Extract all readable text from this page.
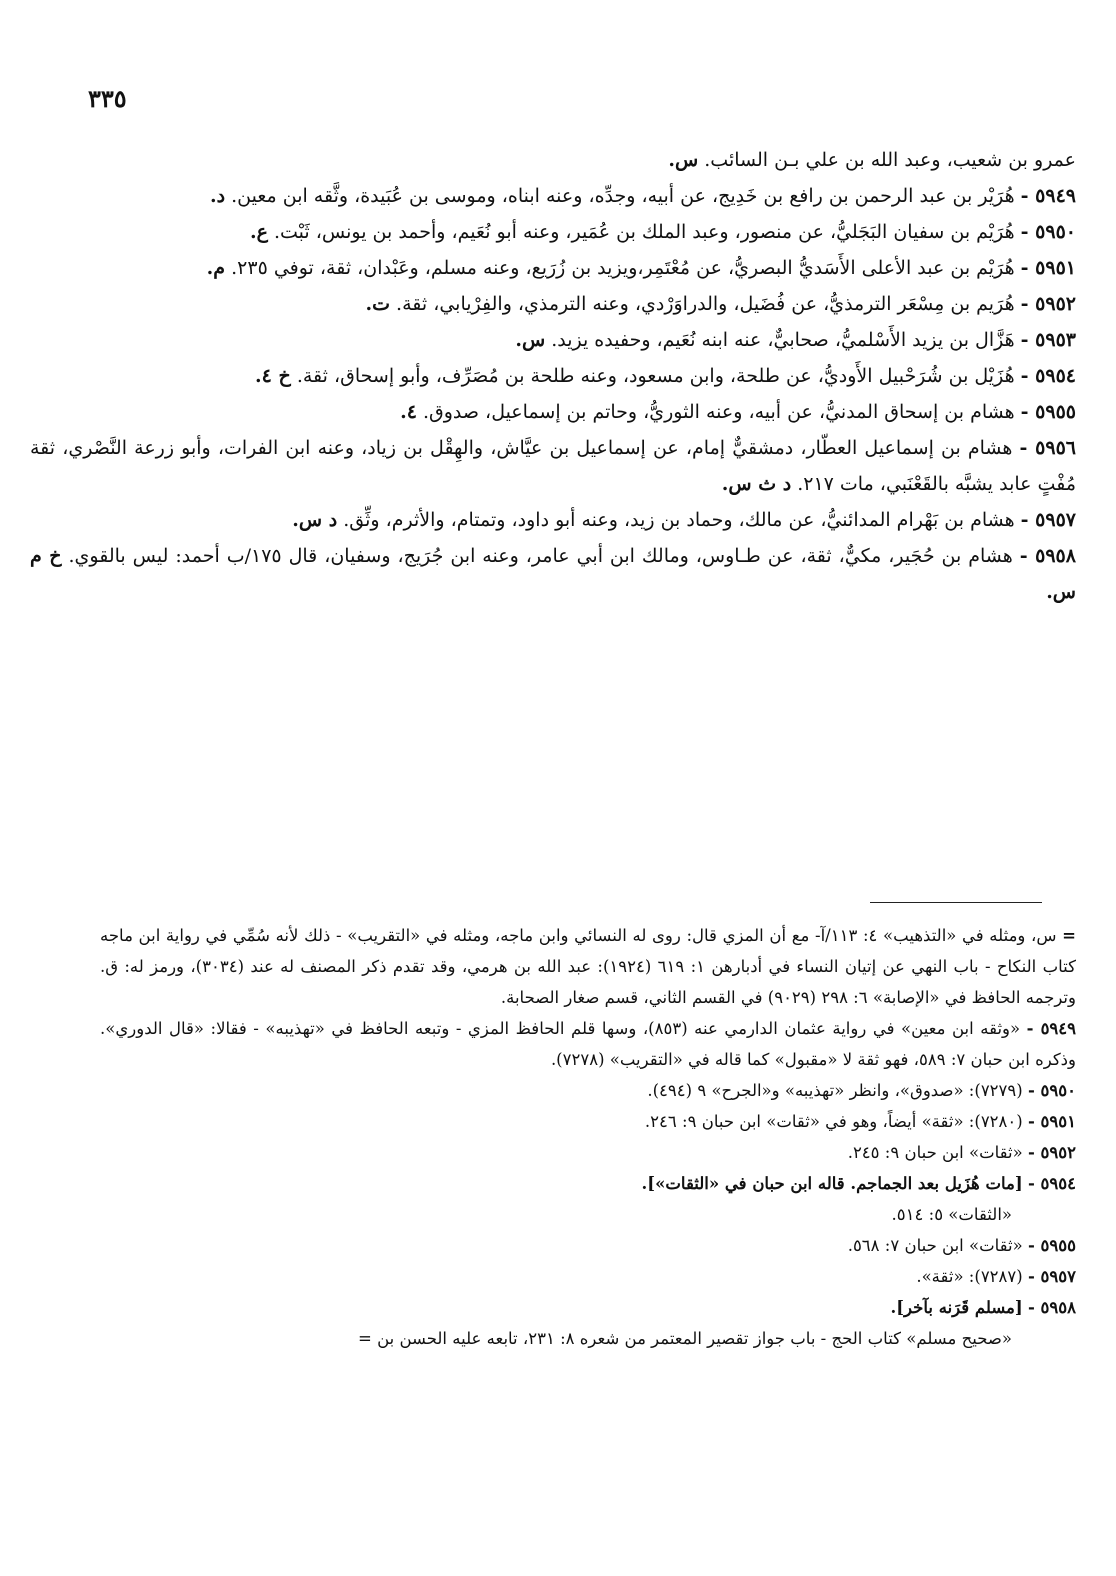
٣٣٥

عمرو بن شعيب، وعبد الله بن علي بـن السائب. س.

٥٩٤٩ - هُرَيْر بن عبد الرحمن بن رافع بن خَدِيج، عن أبيه، وجدِّه، وعنه ابناه، وموسى بن عُبَيدة، وثَّقه ابن معين. د.

٥٩٥٠ - هُرَيْم بن سفيان البَجَليُّ، عن منصور، وعبد الملك بن عُمَير، وعنه أبو نُعَيم، وأحمد بن يونس، ثَبْت. ع.

٥٩٥١ - هُرَيْم بن عبد الأعلى الأَسَديُّ البصريُّ، عن مُعْتَمِر،ويزيد بن زُرَيع، وعنه مسلم، وعَبْدان، ثقة، توفي ٢٣٥. م.

٥٩٥٢ - هُرَيم بن مِسْعَر الترمذيُّ، عن فُضَيل، والدراوَرْدي، وعنه الترمذي، والفِرْيابي، ثقة. ت.

٥٩٥٣ - هَزَّال بن يزيد الأَسْلميُّ، صحابيٌّ، عنه ابنه نُعَيم، وحفيده يزيد. س.

٥٩٥٤ - هُزَيْل بن شُرَحْبيل الأَوديُّ، عن طلحة، وابن مسعود، وعنه طلحة بن مُصَرِّف، وأبو إسحاق، ثقة. خ ٤.

٥٩٥٥ - هشام بن إسحاق المدنيُّ، عن أبيه، وعنه الثوريُّ، وحاتم بن إسماعيل، صدوق. ٤.

٥٩٥٦ - هشام بن إسماعيل العطّار، دمشقيٌّ إمام، عن إسماعيل بن عيَّاش، والهِقْل بن زياد، وعنه ابن الفرات، وأبو زرعة النَّصْري، ثقة مُفْتٍ عابد يشبَّه بالقَعْنَبي، مات ٢١٧. د ث س.

٥٩٥٧ - هشام بن بَهْرام المدائنيُّ، عن مالك، وحماد بن زيد، وعنه أبو داود، وتمتام، والأثرم، وثِّق. د س.

٥٩٥٨ - هشام بن حُجَير، مكيٌّ، ثقة، عن طـاوس، ومالك ابن أبي عامر، وعنه ابن جُرَيج، وسفيان، قال ١٧٥/ب أحمد: ليس بالقوي. خ م س.

= س، ومثله في «التذهيب» ٤: ١١٣/آ- مع أن المزي قال: روى له النسائي وابن ماجه، ومثله في «التقريب» - ذلك لأنه سُمِّي في رواية ابن ماجه كتاب النكاح - باب النهي عن إتيان النساء في أدبارهن ١: ٦١٩ (١٩٢٤): عبد الله بن هرمي، وقد تقدم ذكر المصنف له عند (٣٠٣٤)، ورمز له: ق. وترجمه الحافظ في «الإصابة» ٦: ٢٩٨ (٩٠٢٩) في القسم الثاني، قسم صغار الصحابة.

٥٩٤٩ - «وثقه ابن معين» في رواية عثمان الدارمي عنه (٨٥٣)، وسها قلم الحافظ المزي - وتبعه الحافظ في «تهذيبه» - فقالا: «قال الدوري». وذكره ابن حبان ٧: ٥٨٩، فهو ثقة لا «مقبول» كما قاله في «التقريب» (٧٢٧٨).

٥٩٥٠ - (٧٢٧٩): «صدوق»، وانظر «تهذيبه» و«الجرح» ٩ (٤٩٤).

٥٩٥١ - (٧٢٨٠): «ثقة» أيضاً، وهو في «ثقات» ابن حبان ٩: ٢٤٦.

٥٩٥٢ - «ثقات» ابن حبان ٩: ٢٤٥.

٥٩٥٤ - [مات هُزَيل بعد الجماجم. قاله ابن حبان في «الثقات»].

«الثقات» ٥: ٥١٤.

٥٩٥٥ - «ثقات» ابن حبان ٧: ٥٦٨.

٥٩٥٧ - (٧٢٨٧): «ثقة».

٥٩٥٨ - [مسلم قَرَنه بآخر].

«صحيح مسلم» كتاب الحج - باب جواز تقصير المعتمر من شعره ٨: ٢٣١، تابعه عليه الحسن بن =
